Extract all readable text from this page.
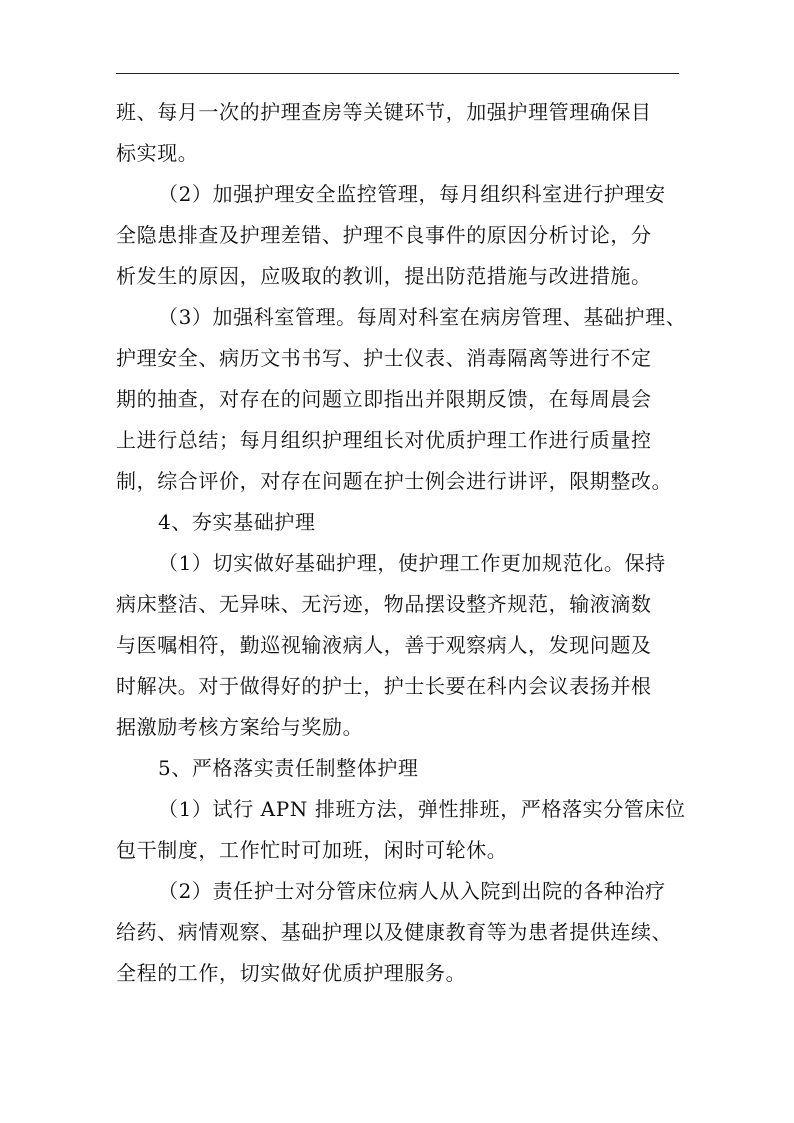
班、每月一次的护理查房等关键环节，加强护理管理确保目
标实现。
（2）加强护理安全监控管理，每月组织科室进行护理安
全隐患排查及护理差错、护理不良事件的原因分析讨论，分
析发生的原因，应吸取的教训，提出防范措施与改进措施。
（3）加强科室管理。每周对科室在病房管理、基础护理、
护理安全、病历文书书写、护士仪表、消毒隔离等进行不定
期的抽查，对存在的问题立即指出并限期反馈，在每周晨会
上进行总结；每月组织护理组长对优质护理工作进行质量控
制，综合评价，对存在问题在护士例会进行讲评，限期整改。
4、夯实基础护理
（1）切实做好基础护理，使护理工作更加规范化。保持
病床整洁、无异味、无污迹，物品摆设整齐规范，输液滴数
与医嘱相符，勤巡视输液病人，善于观察病人，发现问题及
时解决。对于做得好的护士，护士长要在科内会议表扬并根
据激励考核方案给与奖励。
5、严格落实责任制整体护理
（1）试行 APN 排班方法，弹性排班，严格落实分管床位
包干制度，工作忙时可加班，闲时可轮休。
（2）责任护士对分管床位病人从入院到出院的各种治疗
给药、病情观察、基础护理以及健康教育等为患者提供连续、
全程的工作，切实做好优质护理服务。
